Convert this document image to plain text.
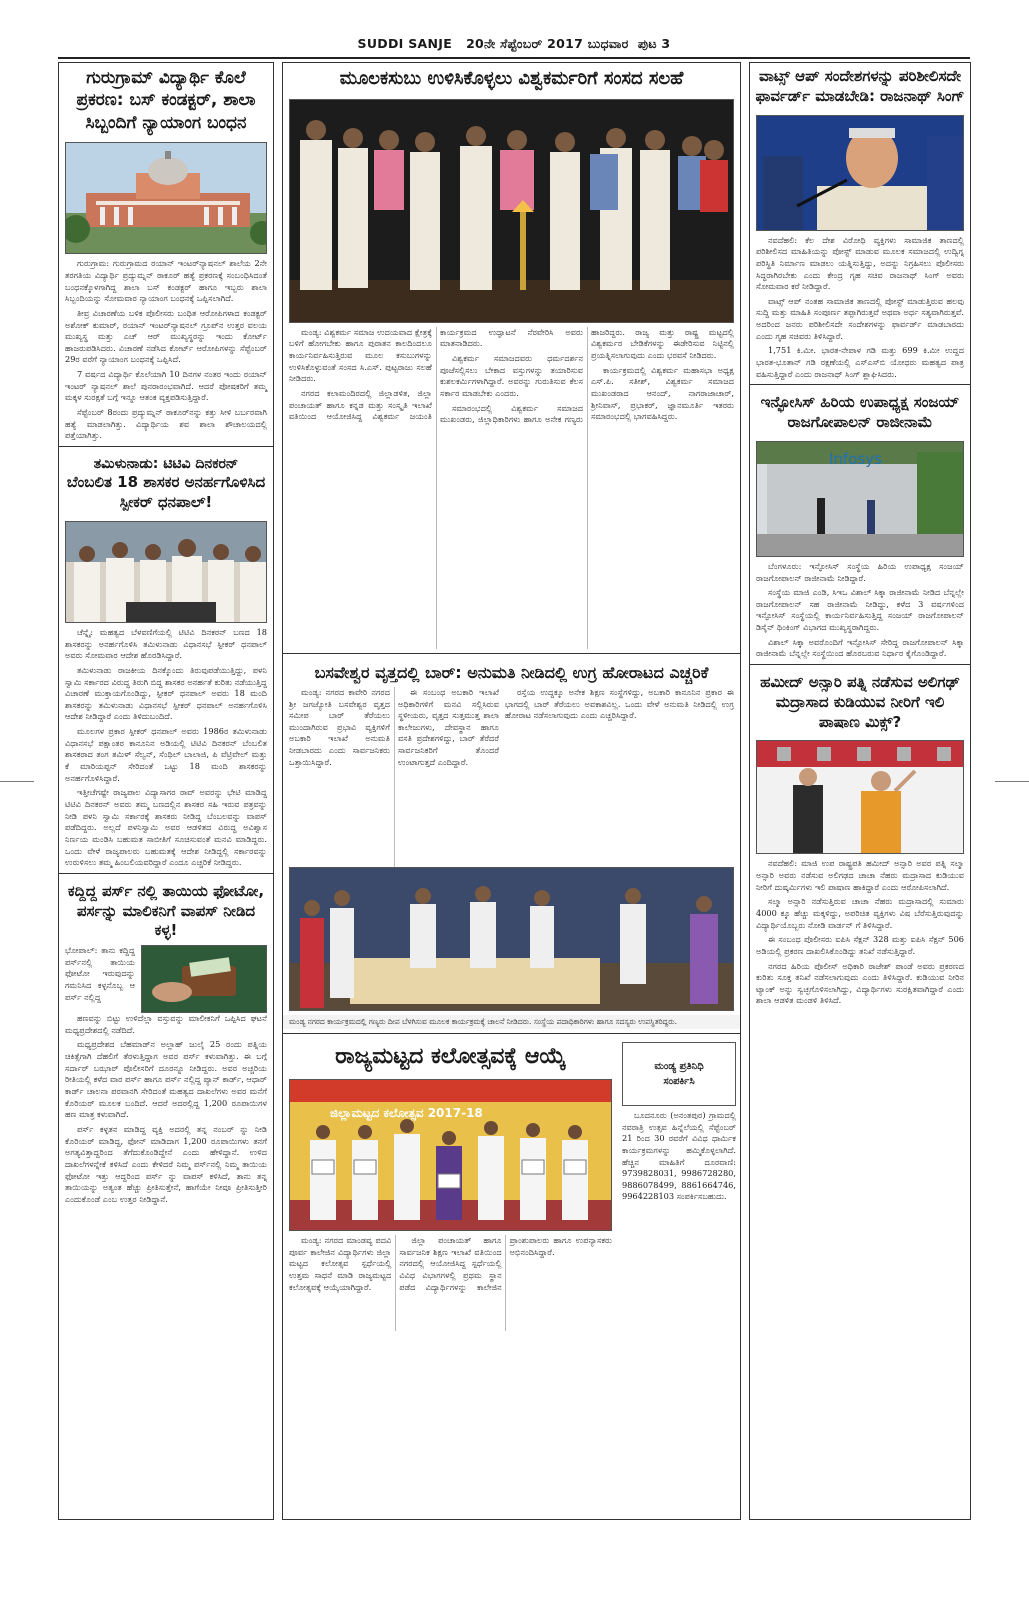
SUDDI SANJE 20ನೇ ಸೆಪ್ಟೆಂಬರ್ 2017 ಬುಧವಾರ ಪುಟ 3
ಗುರುಗ್ರಾಮ್ ವಿದ್ಯಾರ್ಥಿ ಕೊಲೆ ಪ್ರಕರಣ: ಬಸ್ ಕಂಡಕ್ಟರ್, ಶಾಲಾ ಸಿಬ್ಬಂದಿಗೆ ನ್ಯಾಯಾಂಗ ಬಂಧನ

ಗುರುಗ್ರಾಮ: ಗುರುಗ್ರಾಮದ ರಯಾನ್ ಇಂಟರ್‌ನ್ಯಾಷನಲ್ ಶಾಲೆಯ 2ನೇ ತರಗತಿಯ ವಿದ್ಯಾರ್ಥಿ ಪ್ರದ್ಯುಮ್ನನ್ ಠಾಕೂರ್ ಹತ್ಯೆ ಪ್ರಕರಣಕ್ಕೆ ಸಂಬಂಧಿಸಿದಂತೆ ಬಂಧನಕ್ಕೊಳಗಾಗಿದ್ದ ಶಾಲಾ ಬಸ್ ಕಂಡಕ್ಟರ್ ಹಾಗೂ ಇಬ್ಬರು ಶಾಲಾ ಸಿಬ್ಬಂದಿಯನ್ನು ಸೋಮವಾರ ನ್ಯಾಯಾಂಗ ಬಂಧನಕ್ಕೆ ಒಪ್ಪಿಸಲಾಗಿದೆ.

ತೀವ್ರ ವಿಚಾರಣೆಯ ಬಳಿಕ ಪೊಲೀಸರು ಬಂಧಿತ ಆರೋಪಿಗಳಾದ ಕಂಡಕ್ಟರ್ ಅಶೋಕ್ ಕುಮಾರ್, ರಯಾನ್ ಇಂಟರ್‌ನ್ಯಾಷನಲ್ ಗ್ರೂಪ್‌ನ ಉತ್ತರ ವಲಯ ಮುಖ್ಯಸ್ಥ ಮತ್ತು ಎಚ್ ಆರ್ ಮುಖ್ಯಸ್ಥರನ್ನು ಇಂದು ಕೋರ್ಟ್ ಹಾಜರುಪಡಿಸಿದರು. ವಿಚಾರಣೆ ನಡೆಸಿದ ಕೋರ್ಟ್ ಆರೋಪಿಗಳನ್ನು ಸೆಪ್ಟೆಂಬರ್ 29ರ ವರೆಗೆ ನ್ಯಾಯಾಂಗ ಬಂಧನಕ್ಕೆ ಒಪ್ಪಿಸಿದೆ.

7 ವರ್ಷದ ವಿದ್ಯಾರ್ಥಿ ಕೊಲೆಯಾಗಿ 10 ದಿನಗಳ ನಂತರ ಇಂದು ರಯಾನ್ ಇಂಟರ್ ನ್ಯಾಷನಲ್ ಶಾಲೆ ಪುನರಾರಂಭವಾಗಿದೆ. ಆದರೆ ಪೋಷಕರಿಗೆ ತಮ್ಮ ಮಕ್ಕಳ ಸುರಕ್ಷತೆ ಬಗ್ಗೆ ಇನ್ನೂ ಆತಂಕ ವ್ಯಕ್ತಪಡಿಸುತ್ತಿದ್ದಾರೆ.

ಸೆಪ್ಟೆಂಬರ್ 8ರಂದು ಪ್ರದ್ಯುಮ್ನನ್ ಠಾಕೂರ್‌ನನ್ನು ಕತ್ತು ಸೀಳಿ ಬರ್ಬರವಾಗಿ ಹತ್ಯೆ ಮಾಡಲಾಗಿತ್ತು. ವಿದ್ಯಾರ್ಥಿಯ ಶವ ಶಾಲಾ ಶೌಚಾಲಯದಲ್ಲಿ ಪತ್ತೆಯಾಗಿತ್ತು.

ತಮಿಳುನಾಡು: ಟಿಟಿವಿ ದಿನಕರನ್
ಬೆಂಬಲಿತ 18 ಶಾಸಕರ ಅನರ್ಹಗೊಳಿಸಿದ ಸ್ಪೀಕರ್ ಧನಪಾಲ್!

ಚೆನ್ನೈ: ಮಹತ್ವದ ಬೆಳವಣಿಗೆಯಲ್ಲಿ ಟಿಟಿವಿ ದಿನಕರನ್ ಬಣದ 18 ಶಾಸಕರನ್ನು ಅನರ್ಹಗೊಳಿಸಿ ತಮಿಳುನಾಡು ವಿಧಾನಸಭೆ ಸ್ಪೀಕರ್ ಧನಪಾಲ್ ಅವರು ಸೋಮವಾರ ಆದೇಶ ಹೊರಡಿಸಿದ್ದಾರೆ.

ತಮಿಳುನಾಡು ರಾಜಕೀಯ ದಿನಕ್ಕೊಂದು ತಿರುವುಪಡೆಯುತ್ತಿದ್ದು, ಪಳನಿ ಸ್ವಾಮಿ ಸರ್ಕಾರದ ವಿರುದ್ಧ ತಿರುಗಿ ಬಿದ್ದ ಶಾಸಕರ ಅನರ್ಹತೆ ಕುರಿತು ನಡೆಯುತ್ತಿದ್ದ ವಿಚಾರಣೆ ಮುಕ್ತಾಯಗೊಂಡಿದ್ದು, ಸ್ಪೀಕರ್ ಧನಪಾಲ್ ಅವರು 18 ಮಂದಿ ಶಾಸಕರನ್ನು ತಮಿಳುನಾಡು ವಿಧಾನಸಭೆ ಸ್ಪೀಕರ್ ಧನಪಾಲ್ ಅನರ್ಹಗೊಳಿಸಿ ಆದೇಶ ನೀಡಿದ್ದಾರೆ ಎಂದು ತಿಳಿದುಬಂದಿದೆ.

ಮೂಲಗಳ ಪ್ರಕಾರ ಸ್ಪೀಕರ್ ಧನಪಾಲ್ ಅವರು 1986ರ ತಮಿಳುನಾಡು ವಿಧಾನಸಭೆ ಪಕ್ಷಾಂತರ ಕಾನೂನಿನ ಅಡಿಯಲ್ಲಿ ಟಿಟಿವಿ ದಿನಕರನ್ ಬೆಂಬಲಿತ ಶಾಸಕರಾದ ತಂಗ ತಮಿಳ್ ಸೆಲ್ವನ್, ಸೆಂಥಿಲ್ ಬಾಲಾಜಿ, ಪಿ ವೆಟ್ರಿವೇಲ್ ಮತ್ತು ಕೆ ಮಾರಿಯಪ್ಪನ್ ಸೇರಿದಂತೆ ಒಟ್ಟು 18 ಮಂದಿ ಶಾಸಕರನ್ನು ಅನರ್ಹಗೊಳಿಸಿದ್ದಾರೆ.

ಇತ್ತೀಚೆಗಷ್ಟೇ ರಾಜ್ಯಪಾಲ ವಿದ್ಯಾಸಾಗರ ರಾವ್ ಅವರನ್ನು ಭೇಟಿ ಮಾಡಿದ್ದ ಟಿಟಿವಿ ದಿನಕರನ್ ಅವರು ತಮ್ಮ ಬಣದಲ್ಲಿನ ಶಾಸಕರ ಸಹಿ ಇರುವ ಪತ್ರವನ್ನು ನೀಡಿ ಪಳನಿ ಸ್ವಾಮಿ ಸರ್ಕಾರಕ್ಕೆ ಶಾಸಕರು ನೀಡಿದ್ದ ಬೆಂಬಲವನ್ನು ವಾಪಸ್ ಪಡೆದಿದ್ದರು. ಅಲ್ಲದೆ ಪಳನಿಸ್ವಾಮಿ ಅವರ ಆಡಳಿತದ ವಿರುದ್ಧ ಅವಿಶ್ವಾಸ ನಿರ್ಣಯ ಮಂಡಿಸಿ ಬಹುಮತ ಸಾಬೀತಿಗೆ ಸೂಚಿಸುವಂತೆ ಮನವಿ ಮಾಡಿದ್ದರು. ಒಂದು ವೇಳೆ ರಾಜ್ಯಪಾಲರು ಬಹುಮತಕ್ಕೆ ಆದೇಶ ನೀಡಿದ್ದಲ್ಲಿ ಸರ್ಕಾರವನ್ನು ಉರುಳಿಸಲು ತಮ್ಮ ಹಿಂಬಲಿಯವರಿದ್ದಾರೆ ಎಂದೂ ಎಚ್ಚರಿಕೆ ನೀಡಿದ್ದರು.

ಕದ್ದಿದ್ದ ಪರ್ಸ್ ನಲ್ಲಿ ತಾಯಿಯ ಫೋಟೋ, ಪರ್ಸನ್ನು ಮಾಲಿಕನಿಗೆ ವಾಪಸ್ ನೀಡಿದ ಕಳ್ಳ!

ಭೋಪಾಲ್: ತಾನು ಕದ್ದಿದ್ದ ಪರ್ಸ್‌ನಲ್ಲಿ ತಾಯಿಯ ಫೋಟೋ ಇರುವುದನ್ನು ಗಮನಿಸಿದ ಕಳ್ಳನೊಬ್ಬ ಆ ಪರ್ಸ್ ನಲ್ಲಿದ್ದ

ಹಣವನ್ನು ಬಿಟ್ಟು ಉಳಿದೆಲ್ಲಾ ವಸ್ತುವನ್ನು ಮಾಲೀಕನಿಗೆ ಒಪ್ಪಿಸಿದ ಘಟನೆ ಮಧ್ಯಪ್ರದೇಶದಲ್ಲಿ ನಡೆದಿದೆ.

ಮಧ್ಯಪ್ರದೇಶದ ಬೆಹಮಾಡ್‌ನ ಅಲ್ಲಾಹ್ ಜುಲೈ 25 ರಂದು ಪತ್ನಿಯ ಚಿಕಿತ್ಸೆಗಾಗಿ ದೆಹಲಿಗೆ ತೆರಳುತ್ತಿದ್ದಾಗ ಅವರ ಪರ್ಸ್ ಕಳುವಾಗಿತ್ತು. ಈ ಬಗ್ಗೆ ಸರ್ದಾರ್ ಬಝಾರ್ ಪೊಲೀಸರಿಗೆ ದೂರನ್ನೂ ನೀಡಿದ್ದರು. ಅವರ ಅಚ್ಚರಿಯ ರೀತಿಯಲ್ಲಿ ಕಳೆದ ವಾರ ಪರ್ಸ್ ಹಾಗೂ ಪರ್ಸ್ ನಲ್ಲಿದ್ದ ಪ್ಯಾನ್ ಕಾರ್ಡ್, ಆಧಾರ್ ಕಾರ್ಡ್ ಚಾಲನಾ ಪರವಾನಗಿ ಸೇರಿದಂತೆ ಮಹತ್ವದ ದಾಖಲೆಗಳು ಅವರ ಮನೆಗೆ ಕೊರಿಯರ್ ಮೂಲಕ ಬಂದಿದೆ. ಆದರೆ ಅದರಲ್ಲಿದ್ದ 1,200 ರೂಪಾಯಿಗಳ ಹಣ ಮಾತ್ರ ಕಳುವಾಗಿದೆ.

ಪರ್ಸ್ ಕಳ್ಳತನ ಮಾಡಿದ್ದ ವ್ಯಕ್ತಿ ಅದರಲ್ಲಿ ತನ್ನ ನಂಬರ್ ನ್ನು ನೀಡಿ ಕೊರಿಯರ್ ಮಾಡಿದ್ದ, ಫೋನ್ ಮಾಡಿದಾಗ 1,200 ರೂಪಾಯಿಗಳು ತನಗೆ ಅಗತ್ಯವಿತ್ತಾದ್ದರಿಂದ ತೆಗೆದುಕೊಂಡಿದ್ದೇನೆ ಎಂದು ಹೇಳಿದ್ದಾನೆ. ಉಳಿದ ದಾಖಲೆಗಳನ್ನೇಕೆ ಕಳಿಸಿದೆ ಎಂದು ಕೇಳಿದರೆ ನಿಮ್ಮ ಪರ್ಸ್‌ನಲ್ಲಿ ನಿಮ್ಮ ತಾಯಿಯ ಫೋಟೋ ಇತ್ತು ಆದ್ದರಿಂದ ಪರ್ಸ್ ನ್ನು ವಾಪಸ್ ಕಳಿಸಿದೆ, ತಾನು ತನ್ನ ತಾಯಿಯನ್ನು ಅತ್ಯಂತ ಹೆಚ್ಚು ಪ್ರೀತಿಸುತ್ತೇನೆ, ಹಾಗೆಯೇ ನೀವೂ ಪ್ರೀತಿಸುತ್ತೀರಿ ಎಂದುಕೊಂಡೆ ಎಂಬ ಉತ್ತರ ನೀಡಿದ್ದಾನೆ.

ಮೂಲಕಸುಬು ಉಳಿಸಿಕೊಳ್ಳಲು ವಿಶ್ವಕರ್ಮರಿಗೆ ಸಂಸದ ಸಲಹೆ

ಮಂಡ್ಯ: ವಿಶ್ವಕರ್ಮ ಸಮಾಜ ಉದಯವಾದ ಕ್ಷೇತ್ರಕ್ಕೆ ಬಳಿಗೆ ಹೋಗಬೇಕು ಹಾಗೂ ಪುರಾತನ ಕಾಲದಿಂದಲೂ ಕಾರ್ಯನಿರ್ವಹಿಸುತ್ತಿರುವ ಮೂಲ ಕಸುಬುಗಳನ್ನು ಉಳಿಸಿಕೊಳ್ಳುವಂತೆ ಸಂಸದ ಸಿ.ಎಸ್. ಪುಟ್ಟರಾಜು ಸಲಹೆ ನೀಡಿದರು.

ನಗರದ ಕಲಾಮಂದಿರದಲ್ಲಿ ಜಿಲ್ಲಾಡಳಿತ, ಜಿಲ್ಲಾ ಪಂಚಾಯತ್ ಹಾಗೂ ಕನ್ನಡ ಮತ್ತು ಸಂಸ್ಕೃತಿ ಇಲಾಖೆ ವತಿಯಿಂದ ಆಯೋಜಿಸಿದ್ದ ವಿಶ್ವಕರ್ಮ ಜಯಂತಿ ಕಾರ್ಯಕ್ರಮದ ಉದ್ಘಾಟನೆ ನೆರವೇರಿಸಿ ಅವರು ಮಾತನಾಡಿದರು.

ವಿಶ್ವಕರ್ಮ ಸಮಾಜದವರು ಧರ್ಮದರ್ಶನ ಪೂಜೆಸಲ್ಲಿಸಲು ಬೇಕಾದ ವಸ್ತುಗಳನ್ನು ತಯಾರಿಸುವ ಕುಶಲಕರ್ಮಿಗಳಾಗಿದ್ದಾರೆ. ಅವರನ್ನು ಗುರುತಿಸುವ ಕೆಲಸ ಸರ್ಕಾರ ಮಾಡಬೇಕು ಎಂದರು.

ಸಮಾರಂಭದಲ್ಲಿ ವಿಶ್ವಕರ್ಮ ಸಮಾಜದ ಮುಖಂಡರು, ಜಿಲ್ಲಾಧಿಕಾರಿಗಳು ಹಾಗೂ ಅನೇಕ ಗಣ್ಯರು ಹಾಜರಿದ್ದರು. ರಾಜ್ಯ ಮತ್ತು ರಾಷ್ಟ್ರ ಮಟ್ಟದಲ್ಲಿ ವಿಶ್ವಕರ್ಮರ ಬೇಡಿಕೆಗಳನ್ನು ಈಡೇರಿಸುವ ನಿಟ್ಟಿನಲ್ಲಿ ಪ್ರಯತ್ನಿಸಲಾಗುವುದು ಎಂದು ಭರವಸೆ ನೀಡಿದರು.

ಕಾರ್ಯಕ್ರಮದಲ್ಲಿ ವಿಶ್ವಕರ್ಮ ಮಹಾಸಭಾ ಅಧ್ಯಕ್ಷ ಎಸ್.ಪಿ. ಸತೀಶ್, ವಿಶ್ವಕರ್ಮ ಸಮಾಜದ ಮುಖಂಡರಾದ ಆನಂದ್, ನಾಗರಾಜಾಚಾರ್, ಶ್ರೀನಿವಾಸ್, ಪ್ರಭಾಕರ್, ಜ್ಞಾನಮೂರ್ತಿ ಇತರರು ಸಮಾರಂಭದಲ್ಲಿ ಭಾಗವಹಿಸಿದ್ದರು.

ಬಸವೇಶ್ವರ ವೃತ್ತದಲ್ಲಿ ಬಾರ್: ಅನುಮತಿ ನೀಡಿದಲ್ಲಿ ಉಗ್ರ ಹೋರಾಟದ ಎಚ್ಚರಿಕೆ

ಮಂಡ್ಯ: ನಗರದ ಕಾವೇರಿ ನಗರದ ಶ್ರೀ ಜಗಜ್ಯೋತಿ ಬಸವೇಶ್ವರ ವೃತ್ತದ ಸಮೀಪ ಬಾರ್ ತೆರೆಯಲು ಮುಂದಾಗಿರುವ ಪ್ರಭಾವಿ ವ್ಯಕ್ತಿಗಳಿಗೆ ಅಬಕಾರಿ ಇಲಾಖೆ ಅನುಮತಿ ನೀಡಬಾರದು ಎಂದು ಸಾರ್ವಜನಿಕರು ಒತ್ತಾಯಿಸಿದ್ದಾರೆ.

ಈ ಸಂಬಂಧ ಅಬಕಾರಿ ಇಲಾಖೆ ಅಧಿಕಾರಿಗಳಿಗೆ ಮನವಿ ಸಲ್ಲಿಸಿರುವ ಸ್ಥಳೀಯರು, ವೃತ್ತದ ಸುತ್ತಮುತ್ತ ಶಾಲಾ ಕಾಲೇಜುಗಳು, ದೇವಸ್ಥಾನ ಹಾಗೂ ವಸತಿ ಪ್ರದೇಶಗಳಿದ್ದು, ಬಾರ್ ತೆರೆದರೆ ಸಾರ್ವಜನಿಕರಿಗೆ ತೊಂದರೆ ಉಂಟಾಗುತ್ತದೆ ಎಂದಿದ್ದಾರೆ.

ರಸ್ತೆಯ ಉದ್ದಕ್ಕೂ ಅನೇಕ ಶಿಕ್ಷಣ ಸಂಸ್ಥೆಗಳಿದ್ದು, ಅಬಕಾರಿ ಕಾನೂನಿನ ಪ್ರಕಾರ ಈ ಭಾಗದಲ್ಲಿ ಬಾರ್ ತೆರೆಯಲು ಅವಕಾಶವಿಲ್ಲ. ಒಂದು ವೇಳೆ ಅನುಮತಿ ನೀಡಿದಲ್ಲಿ ಉಗ್ರ ಹೋರಾಟ ನಡೆಸಲಾಗುವುದು ಎಂದು ಎಚ್ಚರಿಸಿದ್ದಾರೆ.

ಮಂಡ್ಯ ನಗರದ ಕಾರ್ಯಕ್ರಮದಲ್ಲಿ ಗಣ್ಯರು ದೀಪ ಬೆಳಗಿಸುವ ಮೂಲಕ ಕಾರ್ಯಕ್ರಮಕ್ಕೆ ಚಾಲನೆ ನೀಡಿದರು. ಸಂಸ್ಥೆಯ ಪದಾಧಿಕಾರಿಗಳು ಹಾಗೂ ಸದಸ್ಯರು ಉಪಸ್ಥಿತರಿದ್ದರು.
ರಾಜ್ಯಮಟ್ಟದ ಕಲೋತ್ಸವಕ್ಕೆ ಆಯ್ಕೆ
ಜಿಲ್ಲಾಮಟ್ಟದ ಕಲೋತ್ಸವ 2017-18

ಮಂಡ್ಯ: ನಗರದ ಮಾಂಡವ್ಯ ಪದವಿ ಪೂರ್ವ ಕಾಲೇಜಿನ ವಿದ್ಯಾರ್ಥಿಗಳು ಜಿಲ್ಲಾ ಮಟ್ಟದ ಕಲೋತ್ಸವ ಸ್ಪರ್ಧೆಯಲ್ಲಿ ಉತ್ತಮ ಸಾಧನೆ ಮಾಡಿ ರಾಜ್ಯಮಟ್ಟದ ಕಲೋತ್ಸವಕ್ಕೆ ಆಯ್ಕೆಯಾಗಿದ್ದಾರೆ.

ಜಿಲ್ಲಾ ಪಂಚಾಯತ್ ಹಾಗೂ ಸಾರ್ವಜನಿಕ ಶಿಕ್ಷಣ ಇಲಾಖೆ ವತಿಯಿಂದ ನಗರದಲ್ಲಿ ಆಯೋಜಿಸಿದ್ದ ಸ್ಪರ್ಧೆಯಲ್ಲಿ ವಿವಿಧ ವಿಭಾಗಗಳಲ್ಲಿ ಪ್ರಥಮ ಸ್ಥಾನ ಪಡೆದ ವಿದ್ಯಾರ್ಥಿಗಳನ್ನು ಕಾಲೇಜಿನ ಪ್ರಾಂಶುಪಾಲರು ಹಾಗೂ ಉಪನ್ಯಾಸಕರು ಅಭಿನಂದಿಸಿದ್ದಾರೆ.

ಮಂಡ್ಯ ಪ್ರತಿನಿಧಿ
ಸಂಪರ್ಕಿಸಿ

ಬೂದನೂರು (ಅನಂತಪುರ) ಗ್ರಾಮದಲ್ಲಿ ನವರಾತ್ರಿ ಉತ್ಸವ ಹಿನ್ನೆಲೆಯಲ್ಲಿ ಸೆಪ್ಟೆಂಬರ್ 21 ರಿಂದ 30 ರವರೆಗೆ ವಿವಿಧ ಧಾರ್ಮಿಕ ಕಾರ್ಯಕ್ರಮಗಳನ್ನು ಹಮ್ಮಿಕೊಳ್ಳಲಾಗಿದೆ. ಹೆಚ್ಚಿನ ಮಾಹಿತಿಗೆ ದೂರವಾಣಿ: 9739828031, 9986728280, 9886078499, 8861664746, 9964228103 ಸಂಪರ್ಕಿಸಬಹುದು.

ವಾಟ್ಸ್ ಆಪ್ ಸಂದೇಶಗಳನ್ನು ಪರಿಶೀಲಿಸದೇ ಫಾರ್ವರ್ಡ್ ಮಾಡಬೇಡಿ: ರಾಜನಾಥ್ ಸಿಂಗ್

ನವದೆಹಲಿ: ಕೆಲ ದೇಶ ವಿರೋಧಿ ವ್ಯಕ್ತಿಗಳು ಸಾಮಾಜಿಕ ತಾಣದಲ್ಲಿ ಪರಿಶೀಲಿಸದ ಮಾಹಿತಿಯನ್ನು ಪೋಸ್ಟ್ ಮಾಡುವ ಮೂಲಕ ಸಮಾಜದಲ್ಲಿ ಉದ್ವಿಗ್ನ ಪರಿಸ್ಥಿತಿ ನಿರ್ಮಾಣ ಮಾಡಲು ಯತ್ನಿಸುತ್ತಿದ್ದು, ಅದನ್ನು ನಿಗ್ರಹಿಸಲು ಪೊಲೀಸರು ಸಿದ್ಧರಾಗಿರಬೇಕು ಎಂದು ಕೇಂದ್ರ ಗೃಹ ಸಚಿವ ರಾಜನಾಥ್ ಸಿಂಗ್ ಅವರು ಸೋಮವಾರ ಕರೆ ನೀಡಿದ್ದಾರೆ.

ವಾಟ್ಸ್ ಆಪ್ ನಂತಹ ಸಾಮಾಜಿಕ ತಾಣದಲ್ಲಿ ಪೋಸ್ಟ್ ಮಾಡುತ್ತಿರುವ ಹಲವು ಸುದ್ದಿ ಮತ್ತು ಮಾಹಿತಿ ಸಂಪೂರ್ಣ ತಪ್ಪಾಗಿರುತ್ತವೆ ಅಥವಾ ಅರ್ಧ ಸತ್ಯವಾಗಿರುತ್ತವೆ. ಅದರಿಂದ ಜನರು ಪರಿಶೀಲಿಸದೇ ಸಂದೇಶಗಳನ್ನು ಫಾರ್ವರ್ಡ್ ಮಾಡಬಾರದು ಎಂದು ಗೃಹ ಸಚಿವರು ತಿಳಿಸಿದ್ದಾರೆ.

1,751 ಕಿ.ಮೀ. ಭಾರತ-ನೇಪಾಳ ಗಡಿ ಮತ್ತು 699 ಕಿ.ಮೀ ಉದ್ದದ ಭಾರತ-ಭೂತಾನ್ ಗಡಿ ರಕ್ಷಣೆಯಲ್ಲಿ ಎಸ್ಎಸ್‌ಬಿ ಯೋಧರು ಮಹತ್ವದ ಪಾತ್ರ ವಹಿಸುತ್ತಿದ್ದಾರೆ ಎಂದು ರಾಜನಾಥ್ ಸಿಂಗ್ ಶ್ಲಾಘಿಸಿದರು.

ಇನ್ಫೋಸಿಸ್ ಹಿರಿಯ ಉಪಾಧ್ಯಕ್ಷ ಸಂಜಯ್ ರಾಜಗೋಪಾಲನ್ ರಾಜೀನಾಮೆ
Infosys

ಬೆಂಗಳೂರು: ಇನ್ಫೋಸಿಸ್ ಸಂಸ್ಥೆಯ ಹಿರಿಯ ಉಪಾಧ್ಯಕ್ಷ ಸಂಜಯ್ ರಾಜಗೋಪಾಲನ್ ರಾಜೀನಾಮೆ ನೀಡಿದ್ದಾರೆ.

ಸಂಸ್ಥೆಯ ಮಾಜಿ ಎಂಡಿ, ಸಿಇಒ ವಿಶಾಲ್ ಸಿಕ್ಕಾ ರಾಜೀನಾಮೆ ನೀಡಿದ ಬೆನ್ನಲ್ಲೇ ರಾಜಗೋಪಾಲನ್ ಸಹ ರಾಜೀನಾಮೆ ನೀಡಿದ್ದು, ಕಳೆದ 3 ವರ್ಷಗಳಿಂದ ಇನ್ಫೋಸಿಸ್ ಸಂಸ್ಥೆಯಲ್ಲಿ ಕಾರ್ಯನಿರ್ವಹಿಸುತ್ತಿದ್ದ ಸಂಜಯ್ ರಾಜಗೋಪಾಲನ್ ಡಿಸೈನ್ ಥಿಂಕಿಂಗ್ ವಿಭಾಗದ ಮುಖ್ಯಸ್ಥರಾಗಿದ್ದರು.

ವಿಶಾಲ್ ಸಿಕ್ಕಾ ಅವರೊಂದಿಗೆ ಇನ್ಫೋಸಿಸ್ ಸೇರಿದ್ದ ರಾಜಗೋಪಾಲನ್ ಸಿಕ್ಕಾ ರಾಜೀನಾಮೆ ಬೆನ್ನಲ್ಲೇ ಸಂಸ್ಥೆಯಿಂದ ಹೊರಬರುವ ನಿರ್ಧಾರ ಕೈಗೊಂಡಿದ್ದಾರೆ.

ಹಮೀದ್ ಅನ್ಸಾರಿ ಪತ್ನಿ ನಡೆಸುವ ಅಲಿಗಢ್ ಮದ್ರಾಸಾದ ಕುಡಿಯುವ ನೀರಿಗೆ ಇಲಿ ಪಾಷಾಣ ಮಿಕ್ಸ್?

ನವದೆಹಲಿ: ಮಾಜಿ ಉಪ ರಾಷ್ಟ್ರಪತಿ ಹಮೀದ್ ಅನ್ಸಾರಿ ಅವರ ಪತ್ನಿ ಸಲ್ಮಾ ಅನ್ಸಾರಿ ಅವರು ನಡೆಸುವ ಅಲಿಗಢದ ಚಾಚಾ ನೆಹರು ಮದ್ರಾಸಾದ ಕುಡಿಯುವ ನೀರಿಗೆ ದುಷ್ಕರ್ಮಿಗಳು ಇಲಿ ಪಾಷಾಣ ಹಾಕಿದ್ದಾರೆ ಎಂದು ಆರೋಪಿಸಲಾಗಿದೆ.

ಸಲ್ಮಾ ಅನ್ಸಾರಿ ನಡೆಸುತ್ತಿರುವ ಚಾಚಾ ನೆಹರು ಮದ್ರಾಸಾದಲ್ಲಿ ಸುಮಾರು 4000 ಕ್ಕೂ ಹೆಚ್ಚು ಮಕ್ಕಳಿದ್ದು, ಅಪರಿಚಿತ ವ್ಯಕ್ತಿಗಳು ವಿಷ ಬೆರೆಸುತ್ತಿರುವುದನ್ನು ವಿದ್ಯಾರ್ಥಿಯೊಬ್ಬರು ನೋಡಿ ವಾರ್ಡನ್ ಗೆ ತಿಳಿಸಿದ್ದಾರೆ.

ಈ ಸಂಬಂಧ ಪೊಲೀಸರು ಐಪಿಸಿ ಸೆಕ್ಷನ್ 328 ಮತ್ತು ಐಪಿಸಿ ಸೆಕ್ಷನ್ 506 ಅಡಿಯಲ್ಲಿ ಪ್ರಕರಣ ದಾಖಲಿಸಿಕೊಂಡಿದ್ದು ತನಿಖೆ ನಡೆಸುತ್ತಿದ್ದಾರೆ.

ನಗರದ ಹಿರಿಯ ಪೊಲೀಸ್ ಅಧಿಕಾರಿ ರಾಜೇಶ್ ಪಾಂಡೆ ಅವರು ಪ್ರಕರಣದ ಕುರಿತು ಸೂಕ್ತ ತನಿಖೆ ನಡೆಸಲಾಗುವುದು ಎಂದು ತಿಳಿಸಿದ್ದಾರೆ. ಕುಡಿಯುವ ನೀರಿನ ಟ್ಯಾಂಕ್ ಅನ್ನು ಸ್ವಚ್ಛಗೊಳಿಸಲಾಗಿದ್ದು, ವಿದ್ಯಾರ್ಥಿಗಳು ಸುರಕ್ಷಿತವಾಗಿದ್ದಾರೆ ಎಂದು ಶಾಲಾ ಆಡಳಿತ ಮಂಡಳಿ ತಿಳಿಸಿದೆ.
